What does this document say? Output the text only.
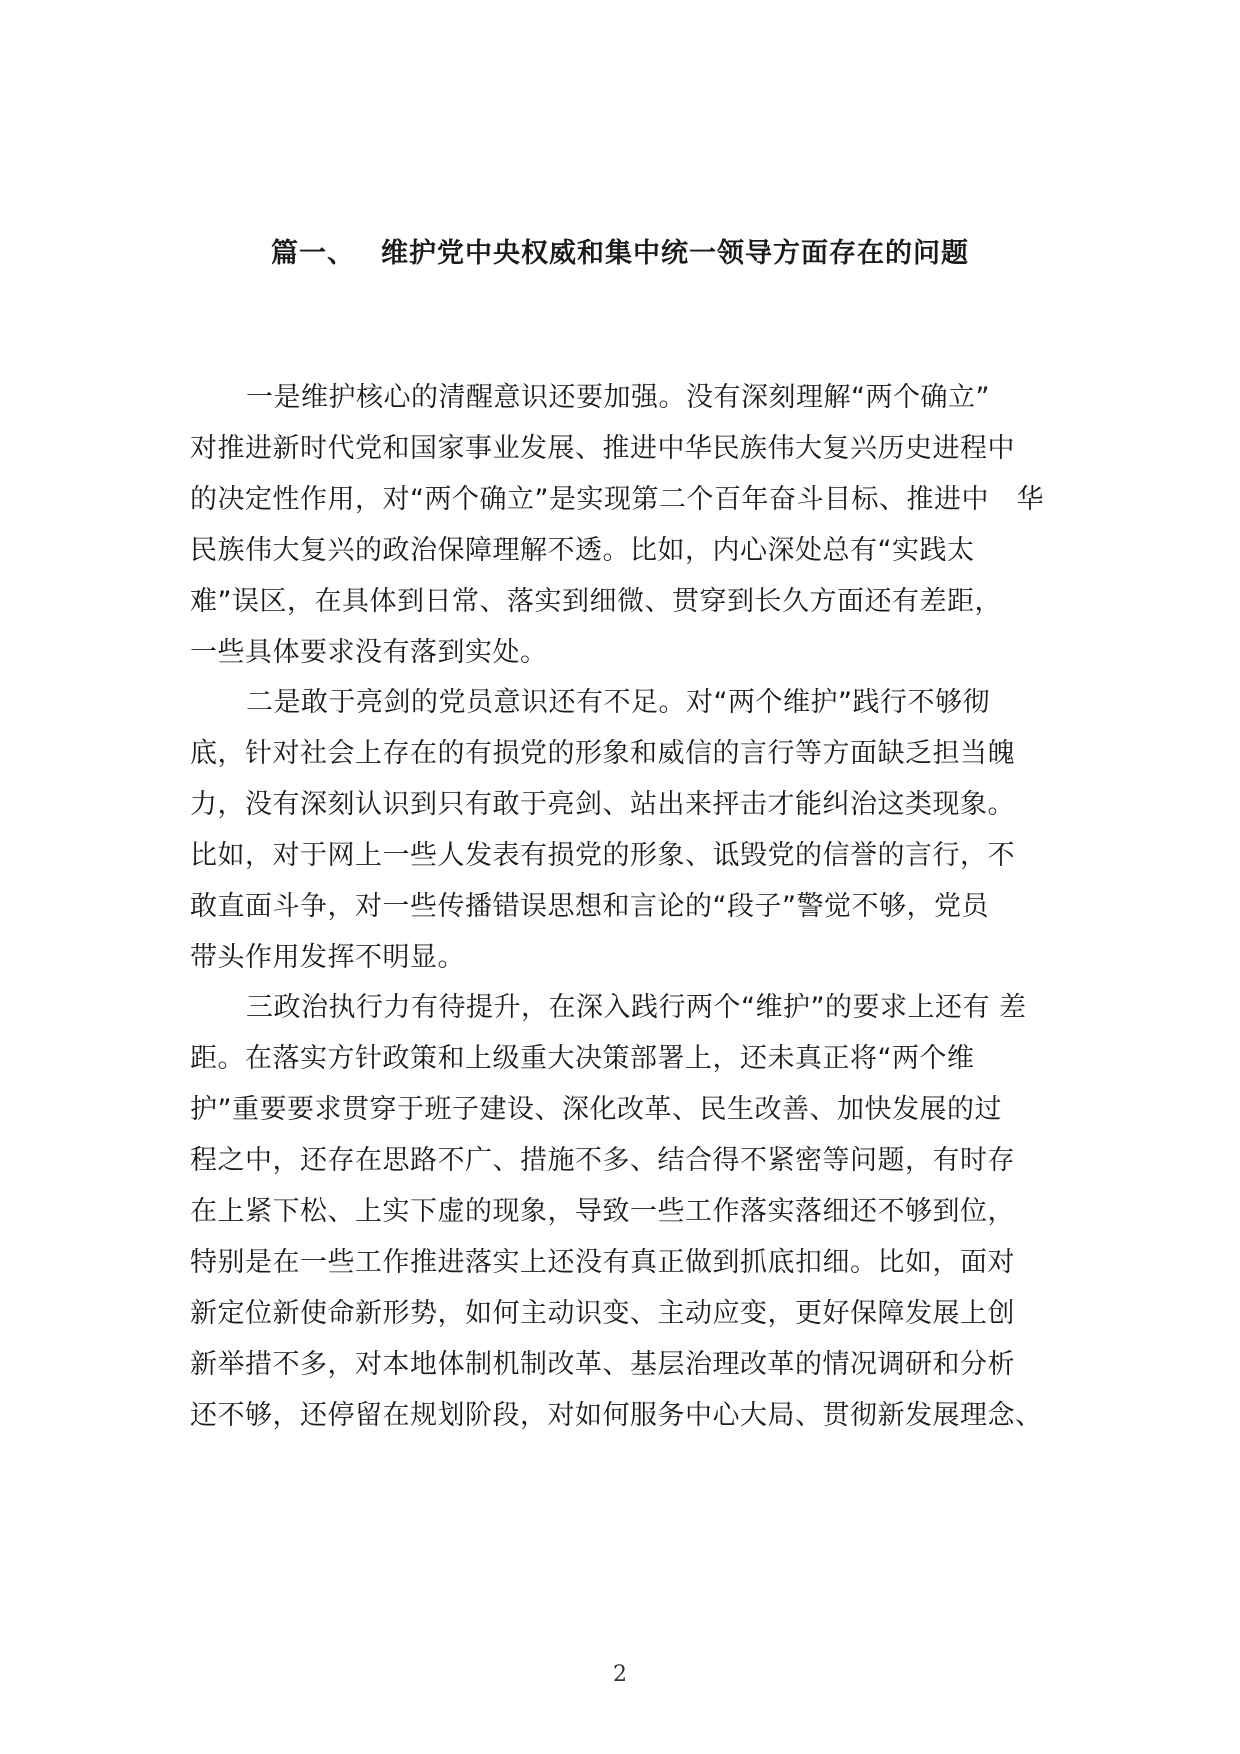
篇一、 维护党中央权威和集中统一领导方面存在的问题
一是维护核心的清醒意识还要加强。没有深刻理解“两个确立”
对推进新时代党和国家事业发展、推进中华民族伟大复兴历史进程中
的决定性作用，对“两个确立”是实现第二个百年奋斗目标、推进中　华
民族伟大复兴的政治保障理解不透。比如，内心深处总有“实践太
难”误区，在具体到日常、落实到细微、贯穿到长久方面还有差距，
一些具体要求没有落到实处。
二是敢于亮剑的党员意识还有不足。对“两个维护”践行不够彻
底，针对社会上存在的有损党的形象和威信的言行等方面缺乏担当魄
力，没有深刻认识到只有敢于亮剑、站出来抨击才能纠治这类现象。
比如，对于网上一些人发表有损党的形象、诋毁党的信誉的言行，不
敢直面斗争，对一些传播错误思想和言论的“段子”警觉不够，党员
带头作用发挥不明显。
三政治执行力有待提升，在深入践行两个“维护”的要求上还有 差
距。在落实方针政策和上级重大决策部署上，还未真正将“两个维
护”重要要求贯穿于班子建设、深化改革、民生改善、加快发展的过
程之中，还存在思路不广、措施不多、结合得不紧密等问题，有时存
在上紧下松、上实下虚的现象，导致一些工作落实落细还不够到位，
特别是在一些工作推进落实上还没有真正做到抓底扣细。比如，面对
新定位新使命新形势，如何主动识变、主动应变，更好保障发展上创
新举措不多，对本地体制机制改革、基层治理改革的情况调研和分析
还不够，还停留在规划阶段，对如何服务中心大局、贯彻新发展理念、
2
